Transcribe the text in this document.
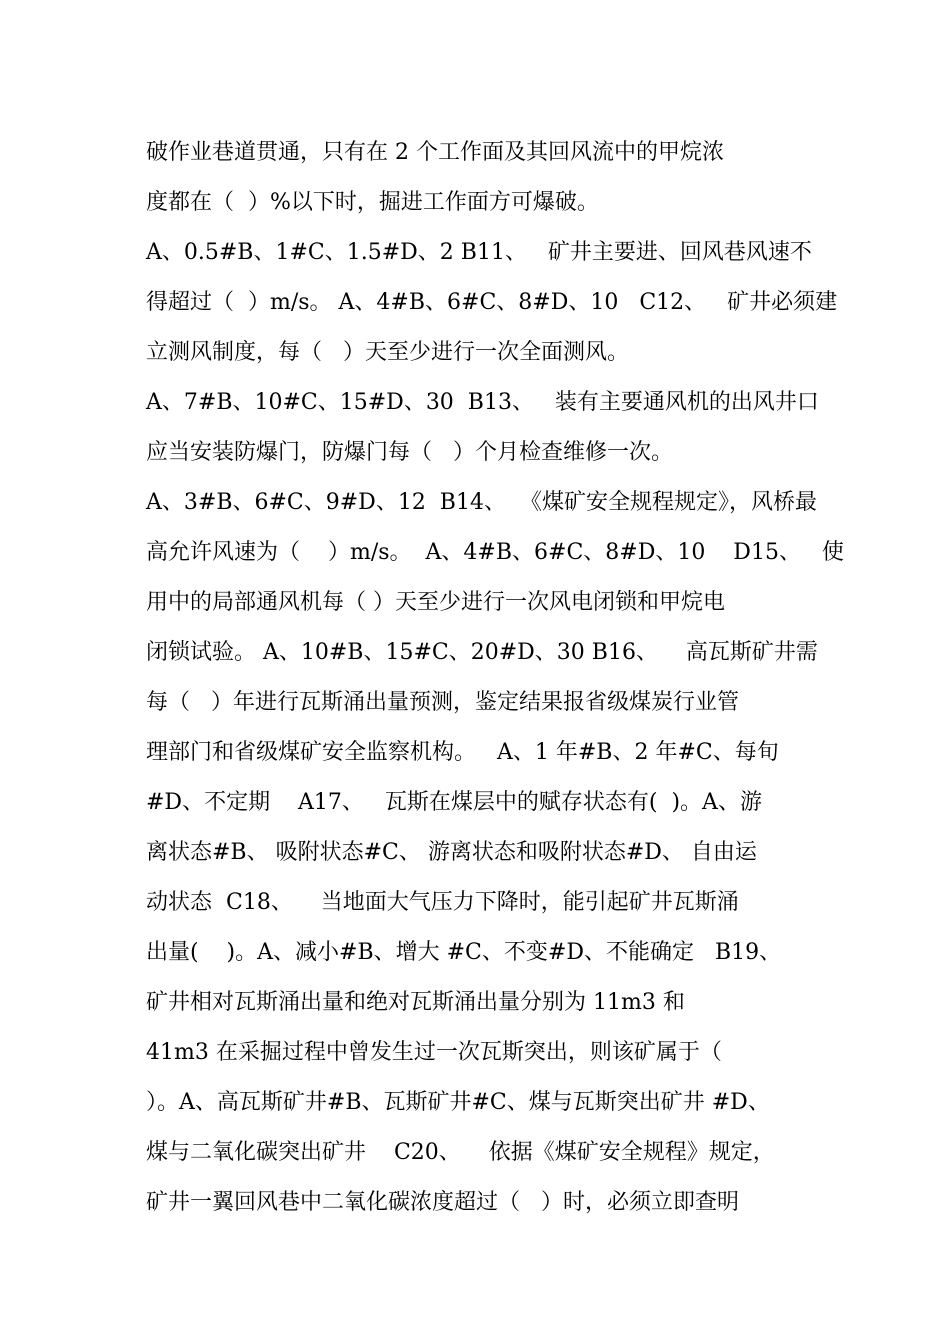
破作业巷道贯通，只有在 2 个工作面及其回风流中的甲烷浓
度都在（  ）%以下时，掘进工作面方可爆破。
A、0.5#B、1#C、1.5#D、2 B11、   矿井主要进、回风巷风速不
得超过（  ）m/s。 A、4#B、6#C、8#D、10   C12、   矿井必须建
立测风制度，每（   ）天至少进行一次全面测风。
A、7#B、10#C、15#D、30  B13、   装有主要通风机的出风井口
应当安装防爆门，防爆门每（   ）个月检查维修一次。
A、3#B、6#C、9#D、12  B14、  《煤矿安全规程规定》，风桥最
高允许风速为（    ）m/s。  A、4#B、6#C、8#D、10    D15、   使
用中的局部通风机每（ ）天至少进行一次风电闭锁和甲烷电
闭锁试验。 A、10#B、15#C、20#D、30 B16、    高瓦斯矿井需
每（   ）年进行瓦斯涌出量预测，鉴定结果报省级煤炭行业管
理部门和省级煤矿安全监察机构。   A、1 年#B、2 年#C、每旬
#D、不定期    A17、   瓦斯在煤层中的赋存状态有(  )。A、游
离状态#B、 吸附状态#C、 游离状态和吸附状态#D、 自由运
动状态  C18、    当地面大气压力下降时，能引起矿井瓦斯涌
出量(    )。A、减小#B、增大 #C、不变#D、不能确定   B19、
矿井相对瓦斯涌出量和绝对瓦斯涌出量分别为 11m3 和
41m3 在采掘过程中曾发生过一次瓦斯突出，则该矿属于（
）。A、高瓦斯矿井#B、瓦斯矿井#C、煤与瓦斯突出矿井 #D、
煤与二氧化碳突出矿井    C20、    依据《煤矿安全规程》规定，
矿井一翼回风巷中二氧化碳浓度超过（   ）时，必须立即查明
